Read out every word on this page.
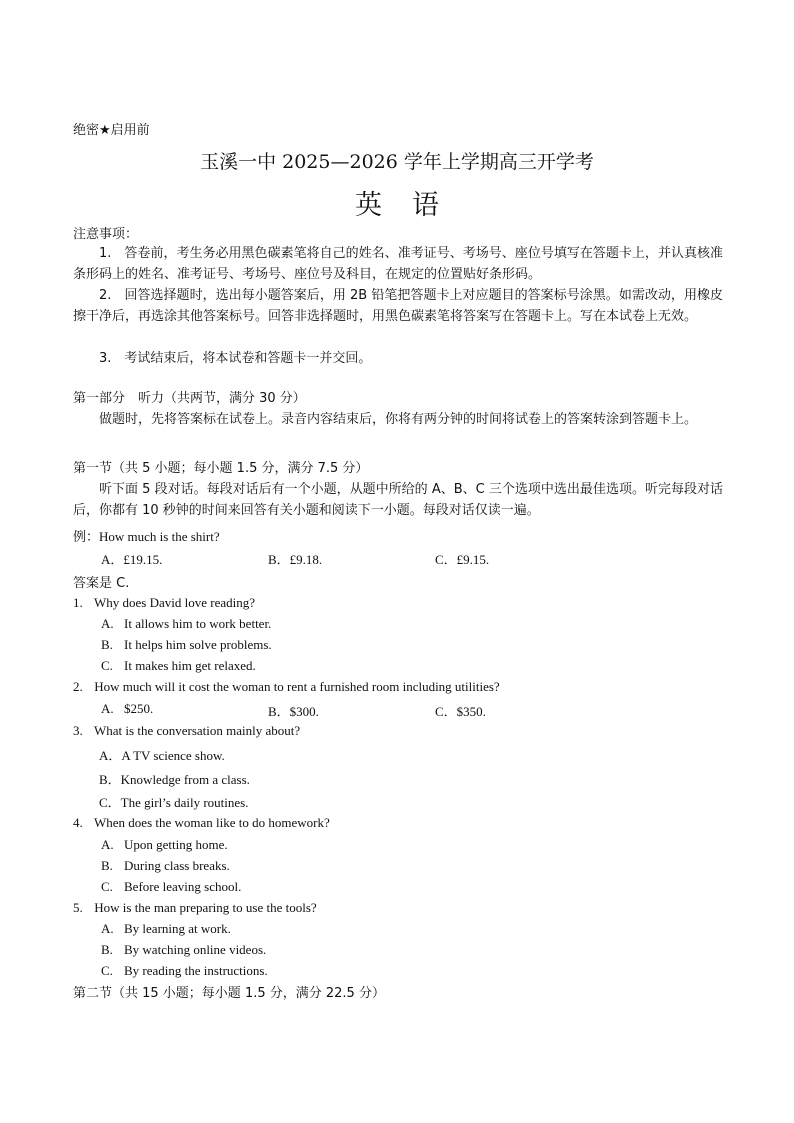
绝密★启用前
玉溪一中 2025—2026 学年上学期高三开学考
英语
注意事项：
1.　答卷前，考生务必用黑色碳素笔将自己的姓名、准考证号、考场号、座位号填写在答题卡上，并认真核准条形码上的姓名、准考证号、考场号、座位号及科目，在规定的位置贴好条形码。
2.　回答选择题时，选出每小题答案后，用 2B 铅笔把答题卡上对应题目的答案标号涂黑。如需改动，用橡皮擦干净后，再选涂其他答案标号。回答非选择题时，用黑色碳素笔将答案写在答题卡上。写在本试卷上无效。
3.　考试结束后，将本试卷和答题卡一并交回。
第一部分　听力（共两节，满分 30 分）
做题时，先将答案标在试卷上。录音内容结束后，你将有两分钟的时间将试卷上的答案转涂到答题卡上。
第一节（共 5 小题；每小题 1.5 分，满分 7.5 分）
听下面 5 段对话。每段对话后有一个小题，从题中所给的 A、B、C 三个选项中选出最佳选项。听完每段对话后，你都有 10 秒钟的时间来回答有关小题和阅读下一小题。每段对话仅读一遍。
例：How much is the shirt?
A．£19.15.	B．£9.18.	C．£9.15.
答案是 C.
1. Why does David love reading?
A. It allows him to work better.
B. It helps him solve problems.
C. It makes him get relaxed.
2. How much will it cost the woman to rent a furnished room including utilities?
A. $250.	B．$300.	C．$350.
3. What is the conversation mainly about?
A．A TV science show.
B．Knowledge from a class.
C．The girl’s daily routines.
4. When does the woman like to do homework?
A. Upon getting home.
B. During class breaks.
C. Before leaving school.
5. How is the man preparing to use the tools?
A. By learning at work.
B. By watching online videos.
C. By reading the instructions.
第二节（共 15 小题；每小题 1.5 分，满分 22.5 分）
